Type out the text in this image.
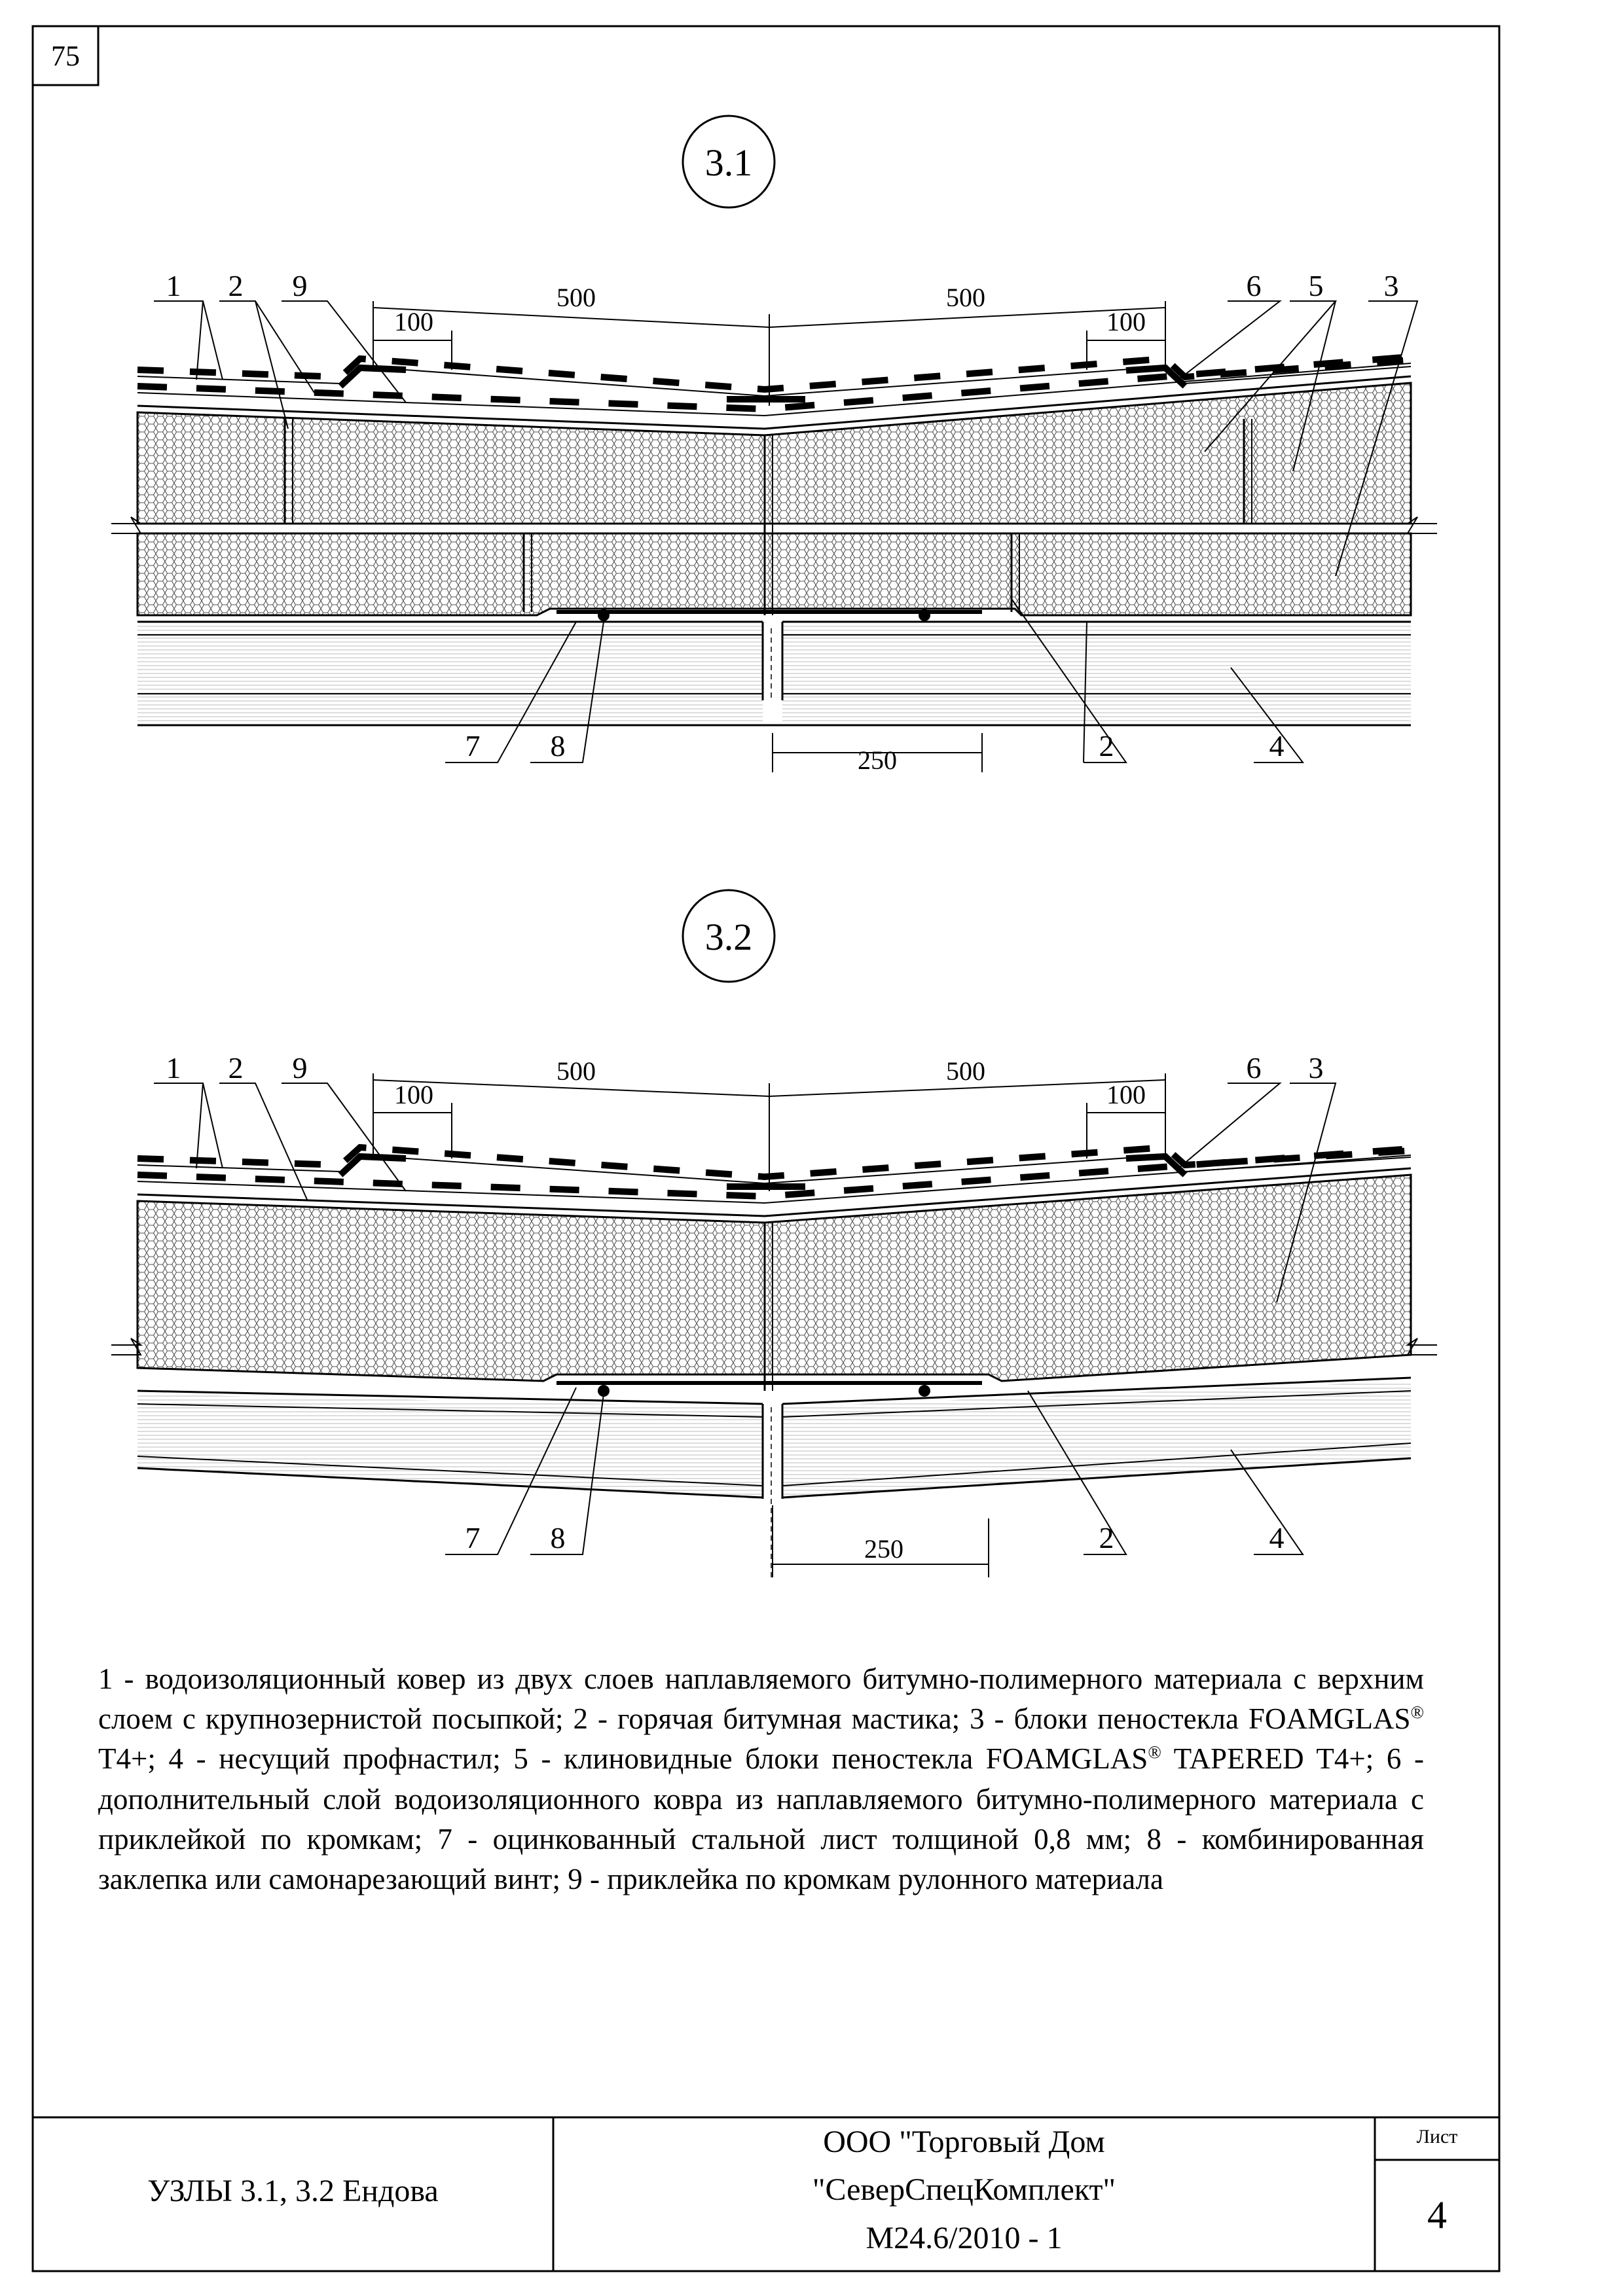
75
3.1
500	500
100	100
250
1 2 9	6 5 3
7 8	2	4
3.2
500	500
100	100
250
1 2 9	6 3
7 8	2	4
1 - водоизоляционный ковер из двух слоев наплавляемого битумно-полимерного материала с верхним слоем с крупнозернистой посыпкой; 2 - горячая битумная мастика; 3 - блоки пеностекла FOAMGLAS® T4+; 4 - несущий профнастил; 5 - клиновидные блоки пеностекла FOAMGLAS® TAPERED T4+; 6 - дополнительный слой водоизоляционного ковра из наплавляемого битумно-полимерного материала с приклейкой по кромкам; 7 - оцинкованный стальной лист толщиной 0,8 мм; 8 - комбинированная заклепка или самонарезающий винт; 9 - приклейка по кромкам рулонного материала
УЗЛЫ 3.1, 3.2 Ендова
ООО "Торговый Дом
"СеверСпецКомплект"
М24.6/2010 - 1
Лист
4
